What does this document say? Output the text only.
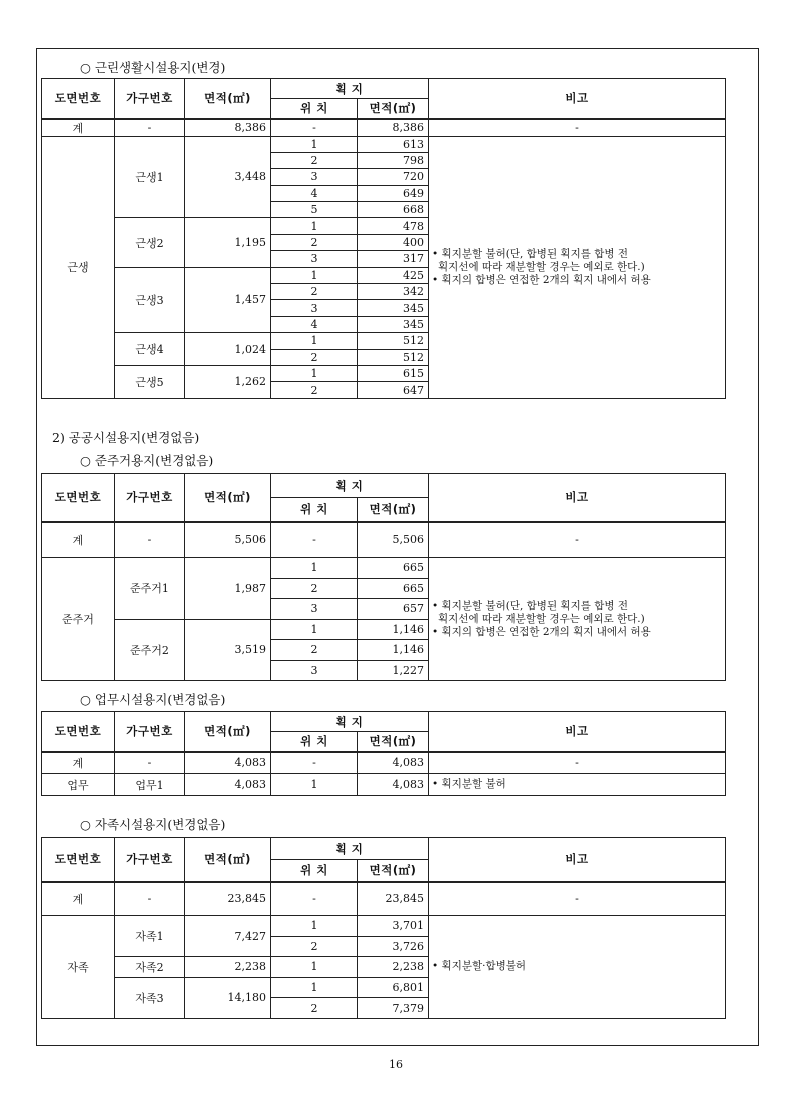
○ 근린생활시설용지(변경)
도면번호	가구번호	면적(㎡)	획 지		비고
			위 치	면적(㎡)	
계	-	8,386	-	8,386	-
근생	근생1	3,448	1	613	• 획지분할 불허(단, 합병된 획지를 합병 전
획지선에 따라 재분할할 경우는 예외로 한다.)
• 획지의 합병은 연접한 2개의 획지 내에서 허용

			2	798	
			3	720	
			4	649	
			5	668	
	근생2	1,195	1	478	
			2	400	
			3	317	
	근생3	1,457	1	425	
			2	342	
			3	345	
			4	345	
	근생4	1,024	1	512	
			2	512	
	근생5	1,262	1	615	
			2	647	
2) 공공시설용지(변경없음)
○ 준주거용지(변경없음)
도면번호	가구번호	면적(㎡)	획 지		비고
			위 치	면적(㎡)	
계	-	5,506	-	5,506	-
준주거	준주거1	1,987	1	665	• 획지분할 불허(단, 합병된 획지를 합병 전
획지선에 따라 재분할할 경우는 예외로 한다.)
• 획지의 합병은 연접한 2개의 획지 내에서 허용

			2	665	
			3	657	
	준주거2	3,519	1	1,146	
			2	1,146	
			3	1,227	
○ 업무시설용지(변경없음)
도면번호	가구번호	면적(㎡)	획 지		비고
			위 치	면적(㎡)	
계	-	4,083	-	4,083	-
업무	업무1	4,083	1	4,083	• 획지분할 불허
○ 자족시설용지(변경없음)
도면번호	가구번호	면적(㎡)	획 지		비고
			위 치	면적(㎡)	
계	-	23,845	-	23,845	-
자족	자족1	7,427	1	3,701	• 획지분할·합병불허
			2	3,726	
	자족2	2,238	1	2,238	
	자족3	14,180	1	6,801	
			2	7,379	
16
